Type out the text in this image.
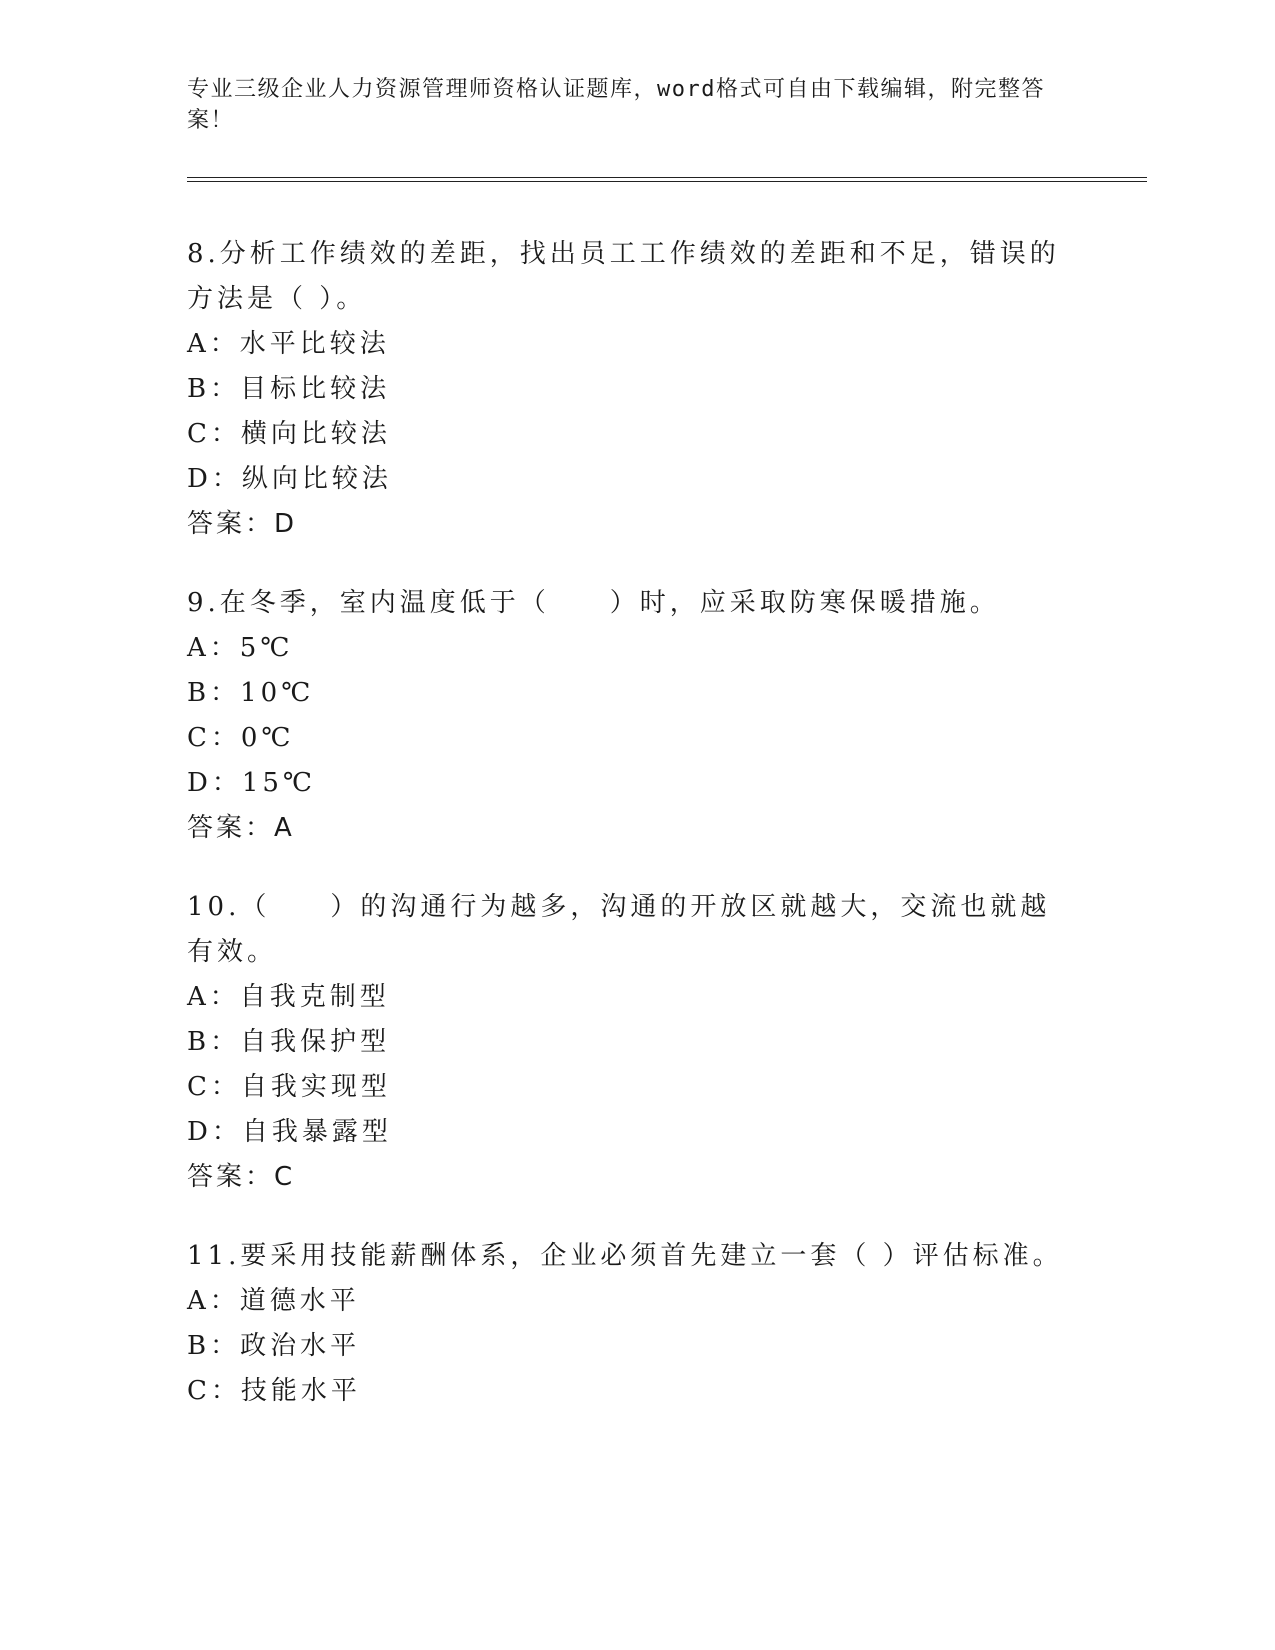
专业三级企业人力资源管理师资格认证题库，word格式可自由下载编辑，附完整答案！

8.分析工作绩效的差距，找出员工工作绩效的差距和不足，错误的方法是（ ）。

A：水平比较法

B：目标比较法

C：横向比较法

D：纵向比较法

答案：D

9.在冬季，室内温度低于（　　）时，应采取防寒保暖措施。

A：5℃

B：10℃

C：0℃

D：15℃

答案：A

10.（　　）的沟通行为越多，沟通的开放区就越大，交流也就越有效。

A：自我克制型

B：自我保护型

C：自我实现型

D：自我暴露型

答案：C

11.要采用技能薪酬体系，企业必须首先建立一套（ ）评估标准。

A：道德水平

B：政治水平

C：技能水平
